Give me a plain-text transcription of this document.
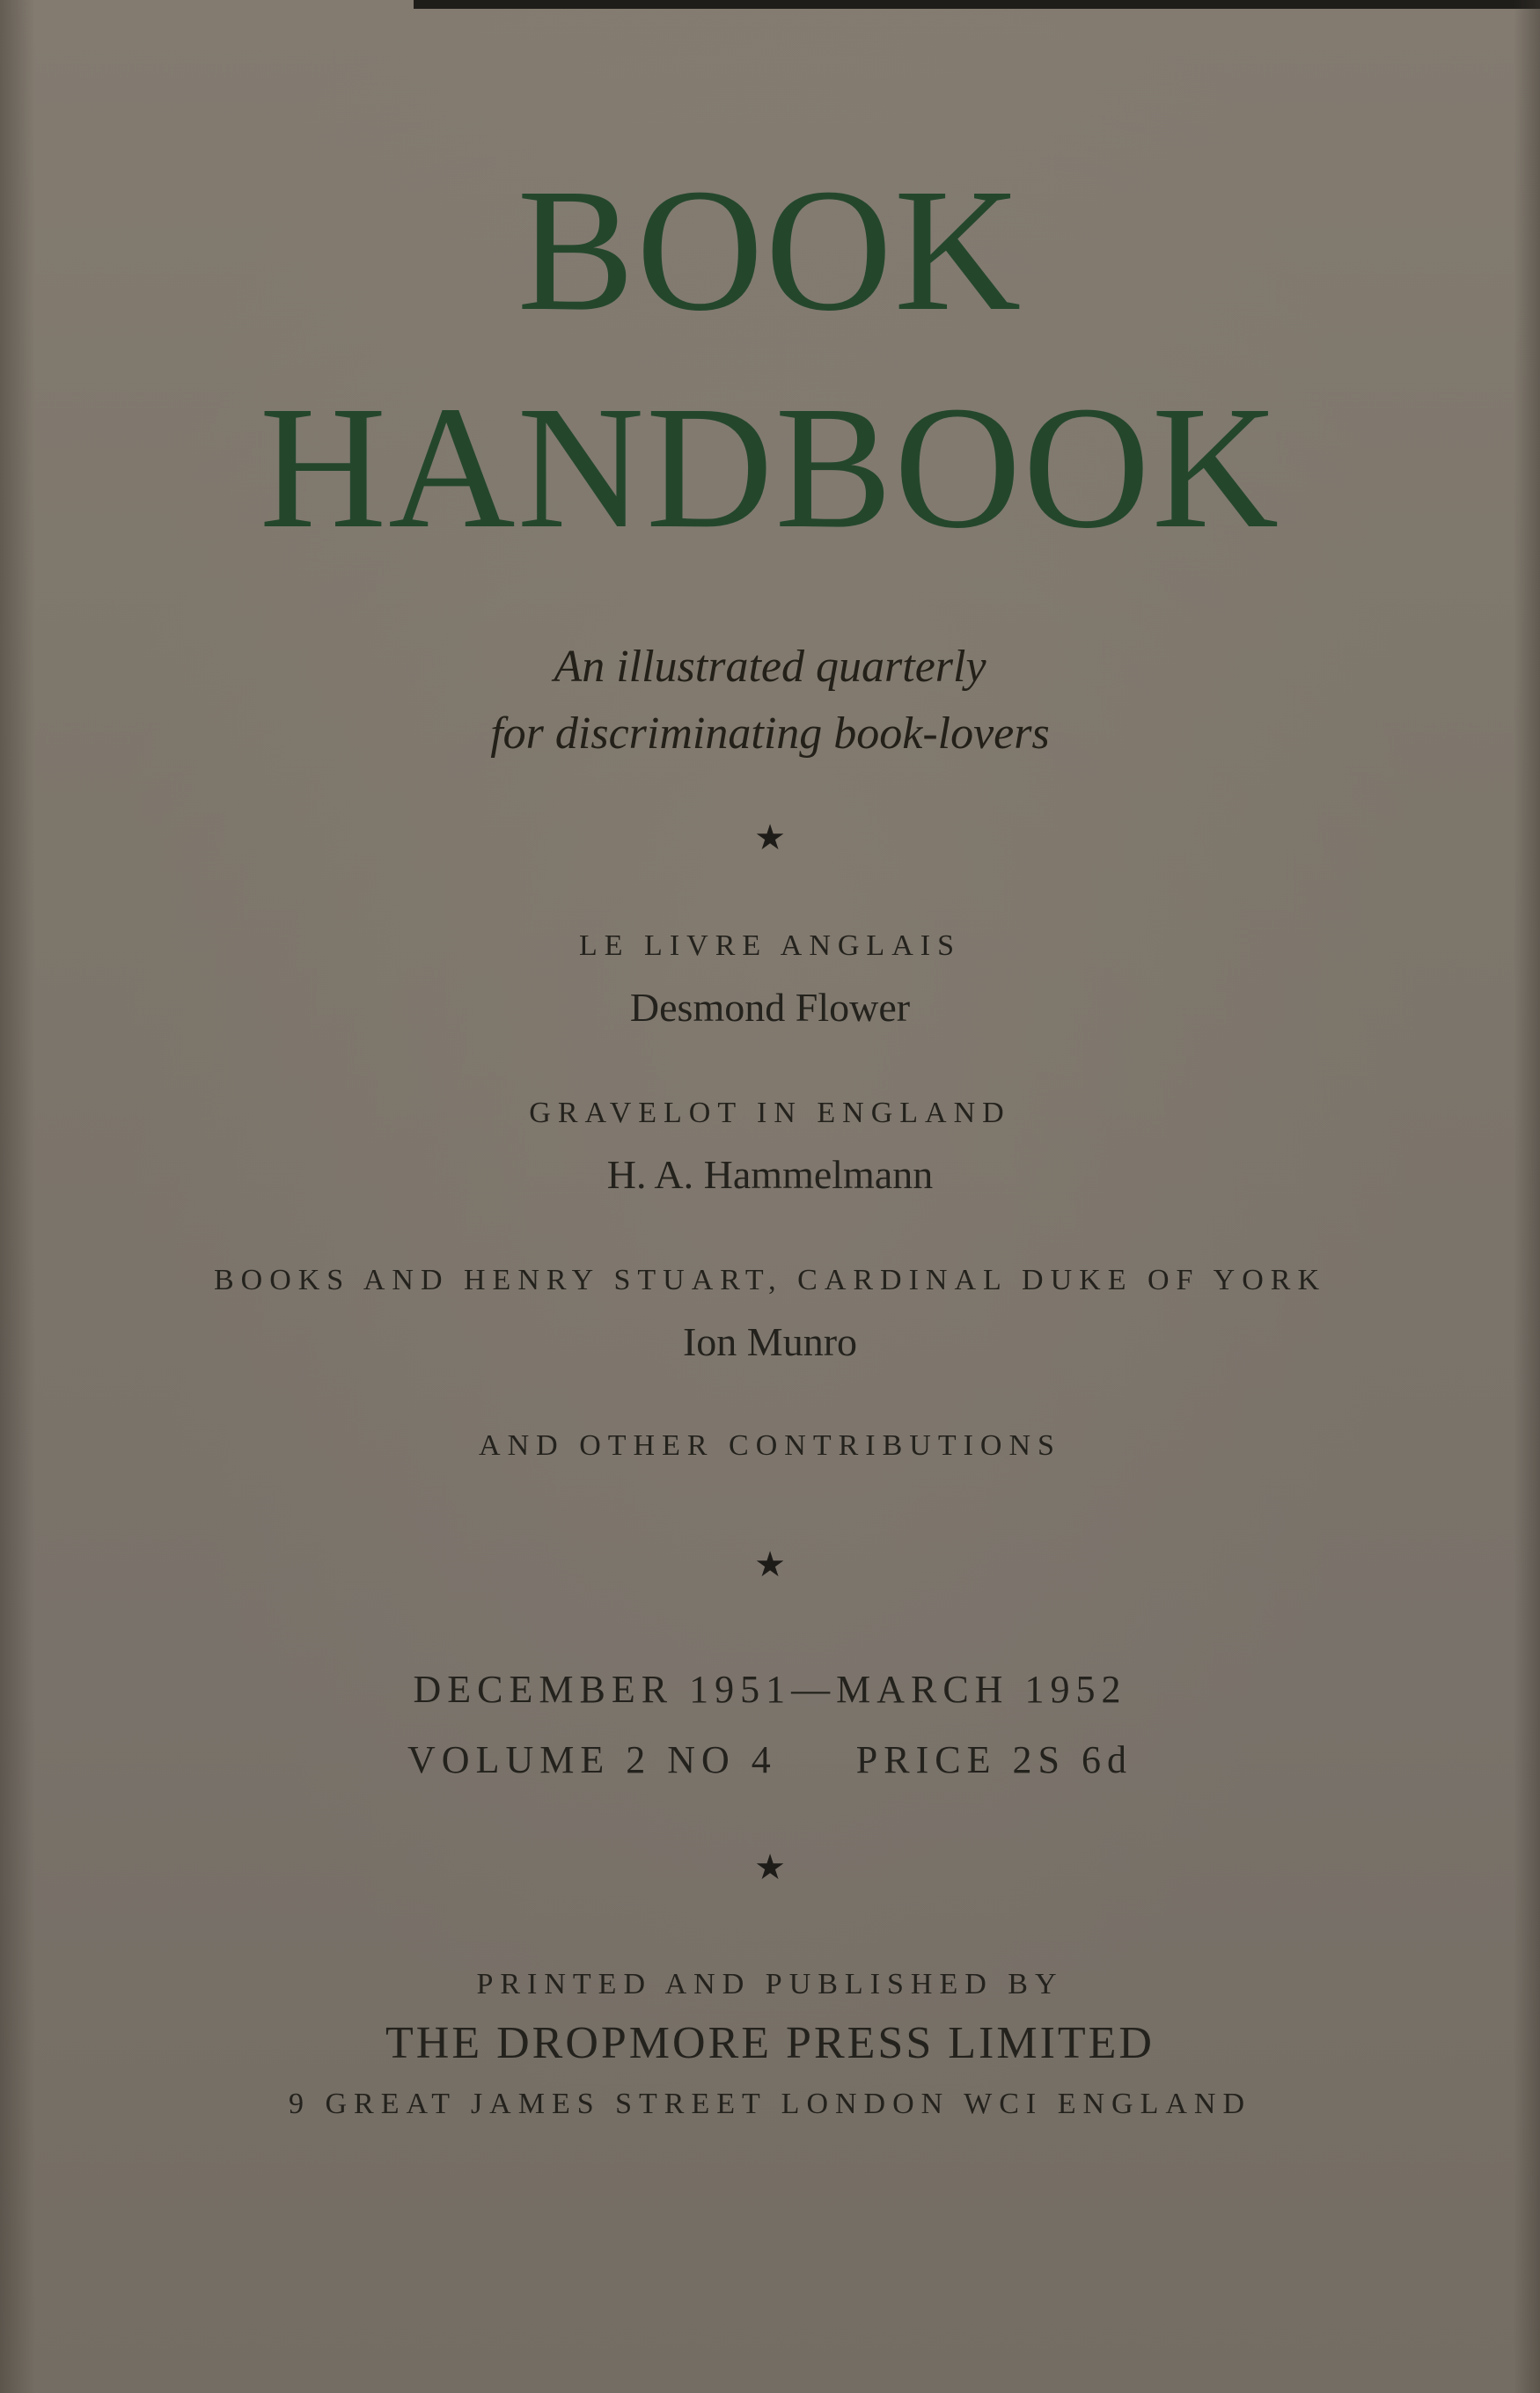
BOOK
HANDBOOK
An illustrated quarterly
for discriminating book-lovers
★
LE LIVRE ANGLAIS
Desmond Flower
GRAVELOT IN ENGLAND
H. A. Hammelmann
BOOKS AND HENRY STUART, CARDINAL DUKE OF YORK
Ion Munro
AND OTHER CONTRIBUTIONS
★
DECEMBER 1951—MARCH 1952
VOLUME 2 NO 4 PRICE 2S 6d
★
PRINTED AND PUBLISHED BY
THE DROPMORE PRESS LIMITED
9 GREAT JAMES STREET LONDON WCI ENGLAND
